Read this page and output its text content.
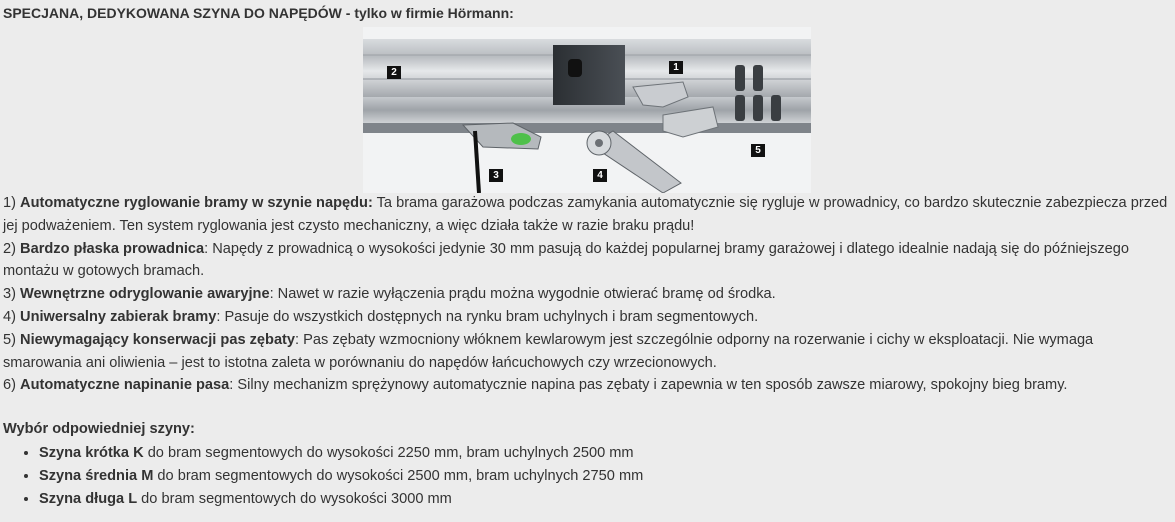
SPECJANA, DEDYKOWANA SZYNA DO NAPĘDÓW - tylko w firmie Hörmann:
2	1
3	4
5

1) Automatyczne ryglowanie bramy w szynie napędu: Ta brama garażowa podczas zamykania automatycznie się rygluje w prowadnicy, co bardzo skutecznie zabezpiecza przed jej podważeniem. Ten system ryglowania jest czysto mechaniczny, a więc działa także w razie braku prądu!

2) Bardzo płaska prowadnica: Napędy z prowadnicą o wysokości jedynie 30 mm pasują do każdej popularnej bramy garażowej i dlatego idealnie nadają się do późniejszego montażu w gotowych bramach.

3) Wewnętrzne odryglowanie awaryjne: Nawet w razie wyłączenia prądu można wygodnie otwierać bramę od środka.

4) Uniwersalny zabierak bramy: Pasuje do wszystkich dostępnych na rynku bram uchylnych i bram segmentowych.

5) Niewymagający konserwacji pas zębaty: Pas zębaty wzmocniony włóknem kewlarowym jest szczególnie odporny na rozerwanie i cichy w eksploatacji. Nie wymaga smarowania ani oliwienia – jest to istotna zaleta w porównaniu do napędów łańcuchowych czy wrzecionowych.

6) Automatyczne napinanie pasa: Silny mechanizm sprężynowy automatycznie napina pas zębaty i zapewnia w ten sposób zawsze miarowy, spokojny bieg bramy.

Wybór odpowiedniej szyny:
• Szyna krótka K do bram segmentowych do wysokości 2250 mm, bram uchylnych 2500 mm
• Szyna średnia M do bram segmentowych do wysokości 2500 mm, bram uchylnych 2750 mm
• Szyna długa L do bram segmentowych do wysokości 3000 mm
